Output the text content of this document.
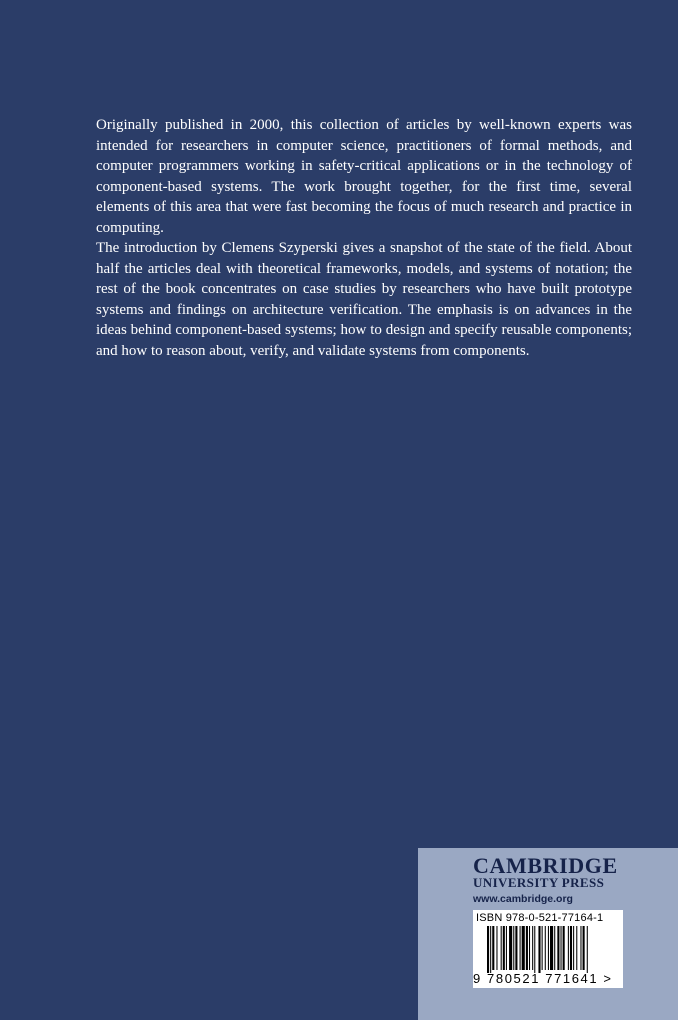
Originally published in 2000, this collection of articles by well-known experts was intended for researchers in computer science, practitioners of formal methods, and computer programmers working in safety-critical applications or in the technology of component-based systems. The work brought together, for the first time, several elements of this area that were fast becoming the focus of much research and practice in computing.

The introduction by Clemens Szyperski gives a snapshot of the state of the field. About half the articles deal with theoretical frameworks, models, and systems of notation; the rest of the book concentrates on case studies by researchers who have built prototype systems and findings on architecture verification. The emphasis is on advances in the ideas behind component-based systems; how to design and specify reusable components; and how to reason about, verify, and validate systems from components.

CAMBRIDGE
UNIVERSITY PRESS
www.cambridge.org
ISBN 978-0-521-77164-1
9 780521 771641 >
